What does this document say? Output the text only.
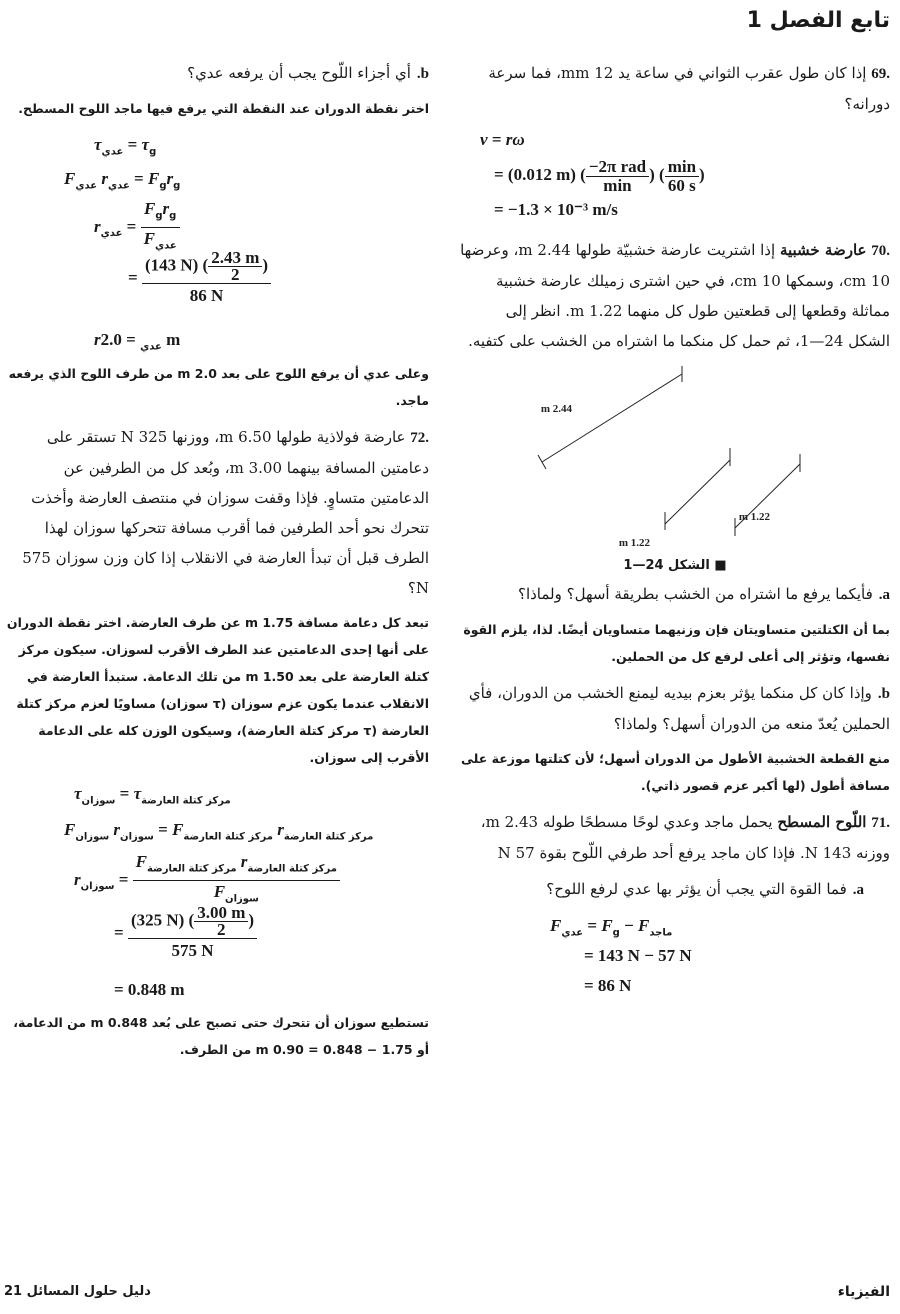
تابع الفصل 1

69. إذا كان طول عقرب الثواني في ساعة يد 12 mm، فما سرعة دورانه؟

v = rω
= (0.012 m) ( $\frac{\text{−2π rad}}{\min}$ ) ( $\frac{\min}{60 s}$ )
= −1.3 × 10⁻³ m/s

70. عارضة خشبية إذا اشتريت عارضة خشبيّة طولها 2.44 m، وعرضها 10 cm، وسمكها 10 cm، في حين اشترى زميلك عارضة خشبية مماثلة وقطعها إلى قطعتين طول كل منهما 1.22 m. انظر إلى الشكل 24—1، ثم حمل كل منكما ما اشتراه من الخشب على كتفيه.

2.44 m
1.22 m
1.22 m
■ الشكل 24—1

a.فأيكما يرفع ما اشتراه من الخشب بطريقة أسهل؟ ولماذا؟

بما أن الكتلتين متساويتان فإن وزنيهما متساويان أيضًا. لذا، يلزم القوة نفسها، وتؤثر إلى أعلى لرفع كل من الحملين.

b.وإذا كان كل منكما يؤثر بعزم بيديه ليمنع الخشب من الدوران، فأي الحملين يُعدّ منعه من الدوران أسهل؟ ولماذا؟

منع القطعة الخشبية الأطول من الدوران أسهل؛ لأن كتلتها موزعة على مسافة أطول (لها أكبر عزم قصور ذاتي).

71. اللّوح المسطح يحمل ماجد وعدي لوحًا مسطحًا طوله 2.43 m، ووزنه 143 N. فإذا كان ماجد يرفع أحد طرفي اللّوح بقوة 57 N

a.فما القوة التي يجب أن يؤثر بها عدي لرفع اللوح؟

$F_{عدي} = F_g - F_{ماجد}$
= 143 N − 57 N
= 86 N

b.أي أجزاء اللّوح يجب أن يرفعه عدي؟

اختر نقطة الدوران عند النقطة التي يرفع فيها ماجد اللوح المسطح.

$\tau_{عدي} = \tau_g$
$F_{عدي}$ $r_{عدي} = F_gr_g$
$r_{عدي} = \frac{F_gr_g}{F_{عدي}}$
= $\frac{(143 N) ( \frac{2.43 m}{2} )}{86 N}$
r	$_{عدي}$ = 2.0 m

وعلى عدي أن يرفع اللوح على بعد 2.0 m من طرف اللوح الذي يرفعه ماجد.

72. عارضة فولاذية طولها 6.50 m، ووزنها 325 N تستقر على دعامتين المسافة بينهما 3.00 m، وبُعد كل من الطرفين عن الدعامتين متساوٍ. فإذا وقفت سوزان في منتصف العارضة وأخذت تتحرك نحو أحد الطرفين فما أقرب مسافة تتحركها سوزان لهذا الطرف قبل أن تبدأ العارضة في الانقلاب إذا كان وزن سوزان 575 N؟

تبعد كل دعامة مسافة 1.75 m عن طرف العارضة. اختر نقطة الدوران على أنها إحدى الدعامتين عند الطرف الأقرب لسوزان. سيكون مركز كتلة العارضة على بعد 1.50 m من تلك الدعامة. ستبدأ العارضة في الانقلاب عندما يكون عزم سوزان (τ سوزان) مساويًا لعزم مركز كتلة العارضة (τ مركز كتلة العارضة)، وسيكون الوزن كله على الدعامة الأقرب إلى سوزان.

$\tau_{سوزان} = \tau_{مركز كتلة العارضة}$
$F_{سوزان}$ $r_{سوزان} = F_{مركز كتلة العارضة}$ $r_{مركز كتلة العارضة}$
$r_{سوزان} = \frac{F_{مركز كتلة العارضة} r_{مركز كتلة العارضة}}{F_{سوزان}}$
= $\frac{(325 N) ( \frac{3.00 m}{2} )}{575 N}$
= 0.848 m

تستطيع سوزان أن تتحرك حتى تصبح على بُعد 0.848 m من الدعامة، أو 1.75 − 0.848 = 0.90 m من الطرف.

دليل حلول المسائل 21	الفيزياء
